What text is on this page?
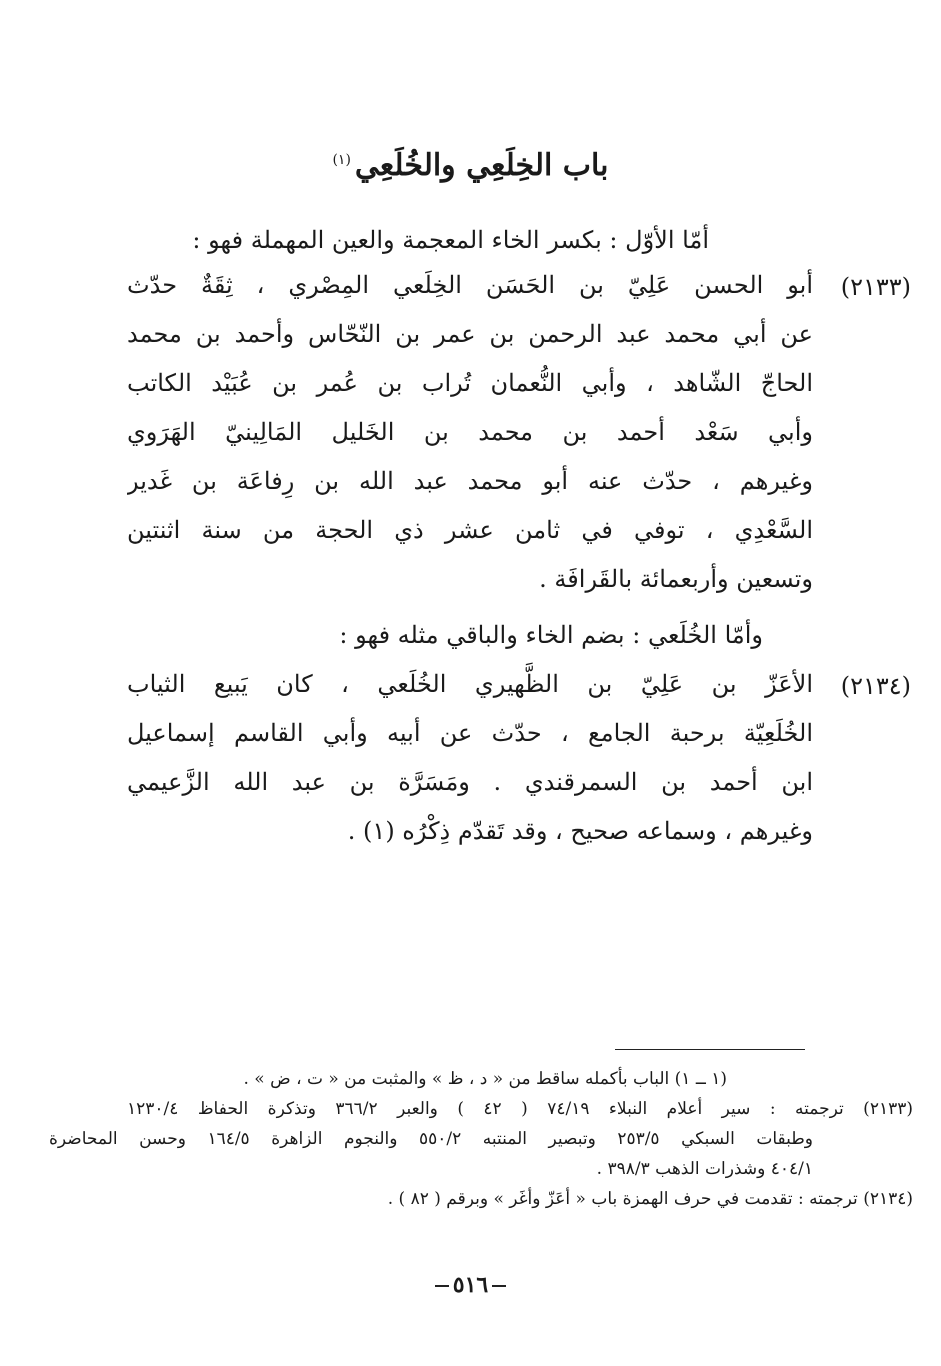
باب الخِلَعِي والخُلَعِي$^{(١)}$
أمّا الأوّل : بكسر الخاء المعجمة والعين المهملة فهو :
(٢١٣٣)
أبو الحسن عَلِيّ بن الحَسَن الخِلَعي المِصْري ، ثِقَةٌ حدّث
عن أبي محمد عبد الرحمن بن عمر بن النّحّاس وأحمد بن محمد
الحاجّ الشّاهد ، وأبي النُّعمان تُراب بن عُمر بن عُبَيْد الكاتب
وأبي سَعْد أحمد بن محمد بن الخَليل المَالِينيّ الهَرَوي
وغيرهم ، حدّث عنه أبو محمد عبد الله بن رِفاعَة بن غَدير
السَّعْدِي ، توفي في ثامن عشر ذي الحجة من سنة اثنتين
وتسعين وأربعمائة بالقَرافَة .
وأمّا الخُلَعي : بضم الخاء والباقي مثله فهو :
(٢١٣٤)
الأعَزّ بن عَلِيّ بن الظَّهيري الخُلَعي ، كان يَبيع الثياب
الخُلَعِيّة برحبة الجامع ، حدّث عن أبيه وأبي القاسم إسماعيل
ابن أحمد بن السمرقندي . ومَسَرَّة بن عبد الله الزَّعيمي
وغيرهم ، وسماعه صحيح ، وقد تَقدّم ذِكْرُه (١) .
(١ ــ ١) الباب بأكمله ساقط من « د ، ظ » والمثبت من « ت ، ض » .
(٢١٣٣) ترجمته : سير أعلام النبلاء ٧٤/١٩ ( ٤٢ ) والعبر ٣٦٦/٢ وتذكرة الحفاظ ١٢٣٠/٤
وطبقات السبكي ٢٥٣/٥ وتبصير المنتبه ٥٥٠/٢ والنجوم الزاهرة ١٦٤/٥ وحسن المحاضرة
٤٠٤/١ وشذرات الذهب ٣٩٨/٣ .
(٢١٣٤) ترجمته : تقدمت في حرف الهمزة باب « أعَزّ وأغَر » وبرقم ( ٨٢ ) .
٥١٦
